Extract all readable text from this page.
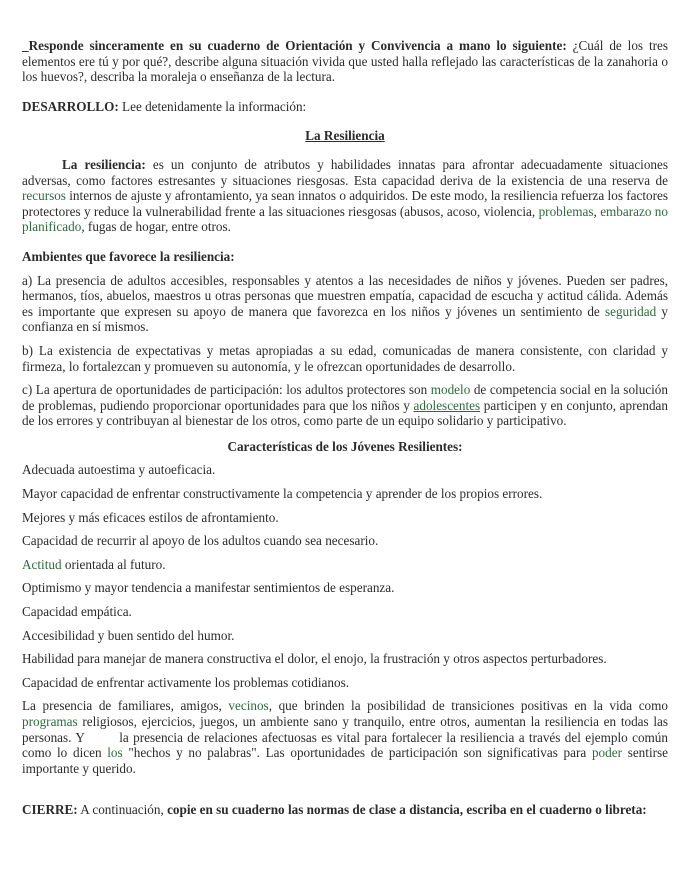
_Responde sinceramente en su cuaderno de Orientación y Convivencia a mano lo siguiente: ¿Cuál de los tres elementos ere tú y por qué?, describe alguna situación vivida que usted halla reflejado las características de la zanahoria o los huevos?, describa la moraleja o enseñanza de la lectura.

DESARROLLO: Lee detenidamente la información:

La Resiliencia

La resiliencia: es un conjunto de atributos y habilidades innatas para afrontar adecuadamente situaciones adversas, como factores estresantes y situaciones riesgosas. Esta capacidad deriva de la existencia de una reserva de recursos internos de ajuste y afrontamiento, ya sean innatos o adquiridos. De este modo, la resiliencia refuerza los factores protectores y reduce la vulnerabilidad frente a las situaciones riesgosas (abusos, acoso, violencia, problemas, embarazo no planificado, fugas de hogar, entre otros.

Ambientes que favorece la resiliencia:

a) La presencia de adultos accesibles, responsables y atentos a las necesidades de niños y jóvenes. Pueden ser padres, hermanos, tíos, abuelos, maestros u otras personas que muestren empatía, capacidad de escucha y actitud cálida. Además es importante que expresen su apoyo de manera que favorezca en los niños y jóvenes un sentimiento de seguridad y confianza en sí mismos.

b) La existencia de expectativas y metas apropiadas a su edad, comunicadas de manera consistente, con claridad y firmeza, lo fortalezcan y promueven su autonomía, y le ofrezcan oportunidades de desarrollo.

c) La apertura de oportunidades de participación: los adultos protectores son modelo de competencia social en la solución de problemas, pudiendo proporcionar oportunidades para que los niños y adolescentes participen y en conjunto, aprendan de los errores y contribuyan al bienestar de los otros, como parte de un equipo solidario y participativo.

Características de los Jóvenes Resilientes:

Adecuada autoestima y autoeficacia.

Mayor capacidad de enfrentar constructivamente la competencia y aprender de los propios errores.

Mejores y más eficaces estilos de afrontamiento.

Capacidad de recurrir al apoyo de los adultos cuando sea necesario.

Actitud orientada al futuro.

Optimismo y mayor tendencia a manifestar sentimientos de esperanza.

Capacidad empática.

Accesibilidad y buen sentido del humor.

Habilidad para manejar de manera constructiva el dolor, el enojo, la frustración y otros aspectos perturbadores.

Capacidad de enfrentar activamente los problemas cotidianos.

La presencia de familiares, amigos, vecinos, que brinden la posibilidad de transiciones positivas en la vida como programas religiosos, ejercicios, juegos, un ambiente sano y tranquilo, entre otros, aumentan la resiliencia en todas las personas. Y        la presencia de relaciones afectuosas es vital para fortalecer la resiliencia a través del ejemplo común como lo dicen los "hechos y no palabras". Las oportunidades de participación son significativas para poder sentirse importante y querido.

CIERRE: A continuación, copie en su cuaderno las normas de clase a distancia, escriba en el cuaderno o libreta:
